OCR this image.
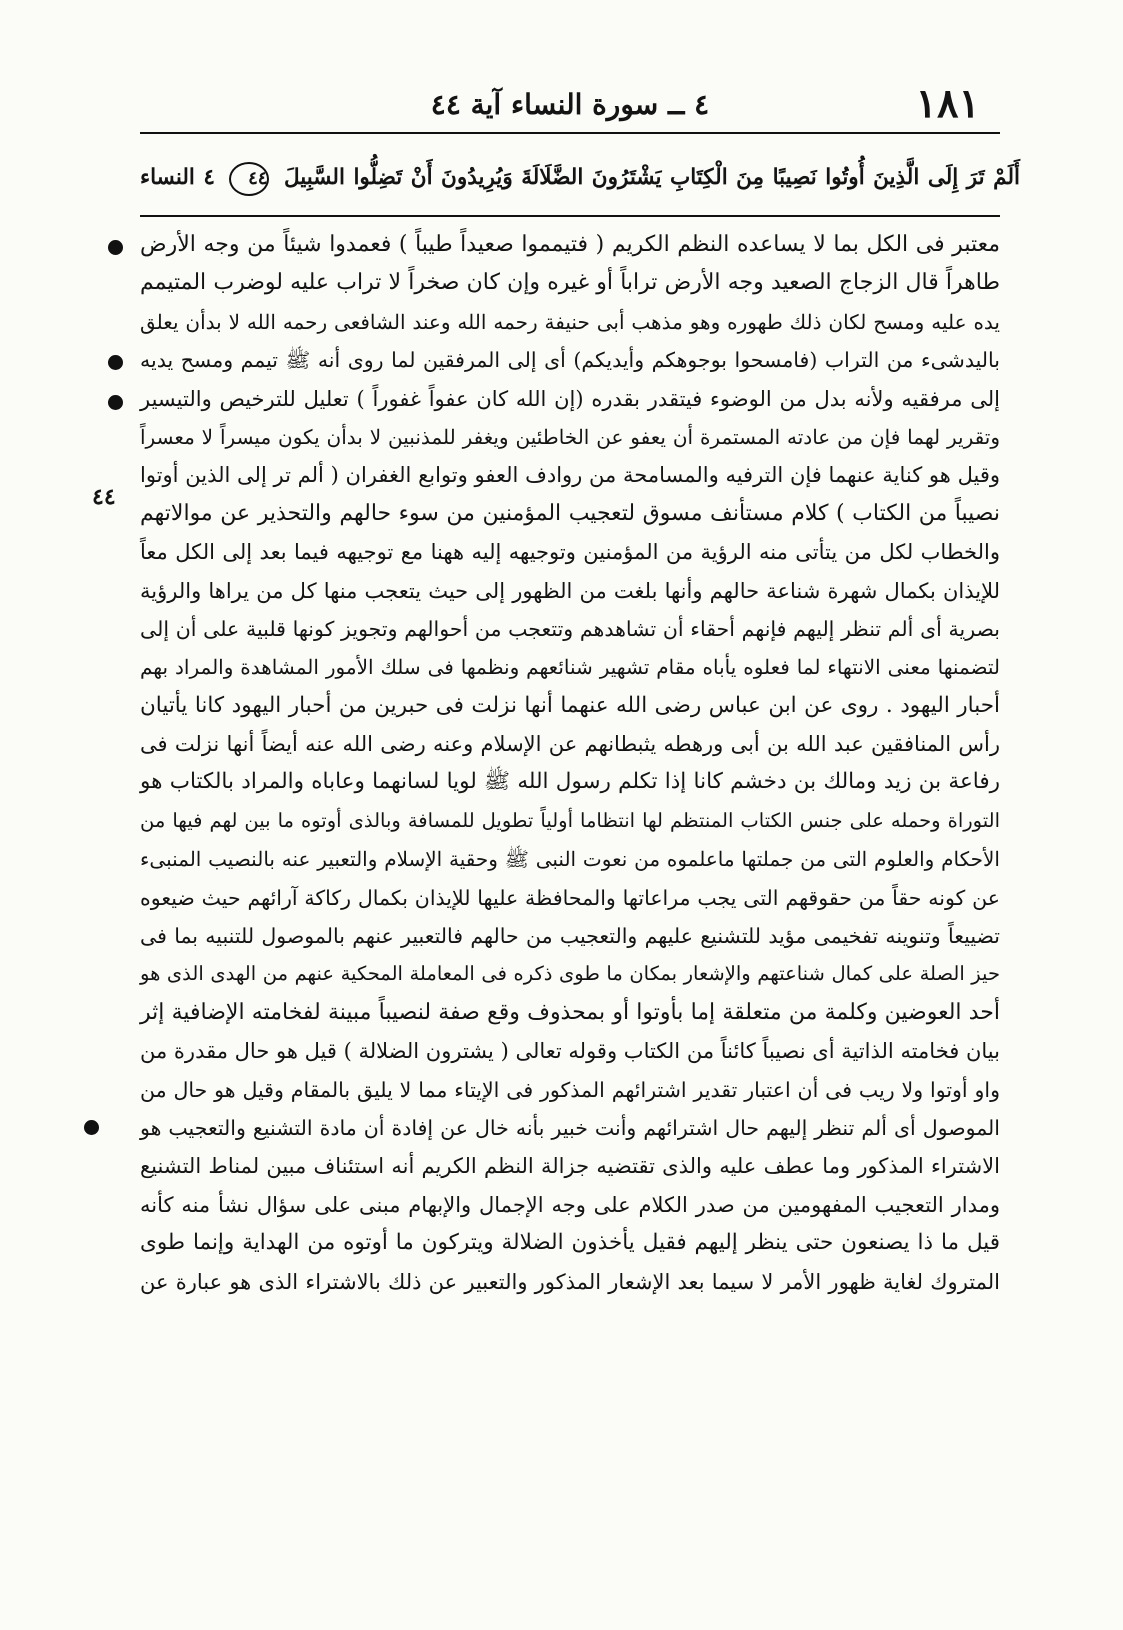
١٨١
٤ ــ سورة النساء آية ٤٤
أَلَمْ تَرَ إِلَى الَّذِينَ أُوتُوا نَصِيبًا مِنَ الْكِتَابِ يَشْتَرُونَ الضَّلَالَةَ وَيُرِيدُونَ أَنْ تَضِلُّوا السَّبِيلَ ٤٤ ٤ النساء
٤٤
معتبر فى الكل بما لا يساعده النظم الكريم ( فتيمموا صعيداً طيباً ) فعمدوا شيئاً من وجه الأرض
طاهراً قال الزجاج الصعيد وجه الأرض تراباً أو غيره وإن كان صخراً لا تراب عليه لوضرب المتيمم
يده عليه ومسح لكان ذلك طهوره وهو مذهب أبى حنيفة رحمه الله وعند الشافعى رحمه الله لا بدأن يعلق
باليدشىء من التراب (فامسحوا بوجوهكم وأيديكم) أى إلى المرفقين لما روى أنه ﷺ تيمم ومسح يديه
إلى مرفقيه ولأنه بدل من الوضوء فيتقدر بقدره (إن الله كان عفواً غفوراً ) تعليل للترخيص والتيسير
وتقرير لهما فإن من عادته المستمرة أن يعفو عن الخاطئين ويغفر للمذنبين لا بدأن يكون ميسراً لا معسراً
وقيل هو كناية عنهما فإن الترفيه والمسامحة من روادف العفو وتوابع الغفران ( ألم تر إلى الذين أوتوا
نصيباً من الكتاب ) كلام مستأنف مسوق لتعجيب المؤمنين من سوء حالهم والتحذير عن موالاتهم
والخطاب لكل من يتأتى منه الرؤية من المؤمنين وتوجيهه إليه ههنا مع توجيهه فيما بعد إلى الكل معاً
للإيذان بكمال شهرة شناعة حالهم وأنها بلغت من الظهور إلى حيث يتعجب منها كل من يراها والرؤية
بصرية أى ألم تنظر إليهم فإنهم أحقاء أن تشاهدهم وتتعجب من أحوالهم وتجويز كونها قلبية على أن إلى
لتضمنها معنى الانتهاء لما فعلوه يأباه مقام تشهير شنائعهم ونظمها فى سلك الأمور المشاهدة والمراد بهم
أحبار اليهود . روى عن ابن عباس رضى الله عنهما أنها نزلت فى حبرين من أحبار اليهود كانا يأتيان
رأس المنافقين عبد الله بن أبى ورهطه يثبطانهم عن الإسلام وعنه رضى الله عنه أيضاً أنها نزلت فى
رفاعة بن زيد ومالك بن دخشم كانا إذا تكلم رسول الله ﷺ لويا لسانهما وعاباه والمراد بالكتاب هو
التوراة وحمله على جنس الكتاب المنتظم لها انتظاما أولياً تطويل للمسافة وبالذى أوتوه ما بين لهم فيها من
الأحكام والعلوم التى من جملتها ماعلموه من نعوت النبى ﷺ وحقية الإسلام والتعبير عنه بالنصيب المنبىء
عن كونه حقاً من حقوقهم التى يجب مراعاتها والمحافظة عليها للإيذان بكمال ركاكة آرائهم حيث ضيعوه
تضييعاً وتنوينه تفخيمى مؤيد للتشنيع عليهم والتعجيب من حالهم فالتعبير عنهم بالموصول للتنبيه بما فى
حيز الصلة على كمال شناعتهم والإشعار بمكان ما طوى ذكره فى المعاملة المحكية عنهم من الهدى الذى هو
أحد العوضين وكلمة من متعلقة إما بأوتوا أو بمحذوف وقع صفة لنصيباً مبينة لفخامته الإضافية إثر
بيان فخامته الذاتية أى نصيباً كائناً من الكتاب وقوله تعالى ( يشترون الضلالة ) قيل هو حال مقدرة من
واو أوتوا ولا ريب فى أن اعتبار تقدير اشترائهم المذكور فى الإيتاء مما لا يليق بالمقام وقيل هو حال من
الموصول أى ألم تنظر إليهم حال اشترائهم وأنت خبير بأنه خال عن إفادة أن مادة التشنيع والتعجيب هو
الاشتراء المذكور وما عطف عليه والذى تقتضيه جزالة النظم الكريم أنه استئناف مبين لمناط التشنيع
ومدار التعجيب المفهومين من صدر الكلام على وجه الإجمال والإبهام مبنى على سؤال نشأ منه كأنه
قيل ما ذا يصنعون حتى ينظر إليهم فقيل يأخذون الضلالة ويتركون ما أوتوه من الهداية وإنما طوى
المتروك لغاية ظهور الأمر لا سيما بعد الإشعار المذكور والتعبير عن ذلك بالاشتراء الذى هو عبارة عن
